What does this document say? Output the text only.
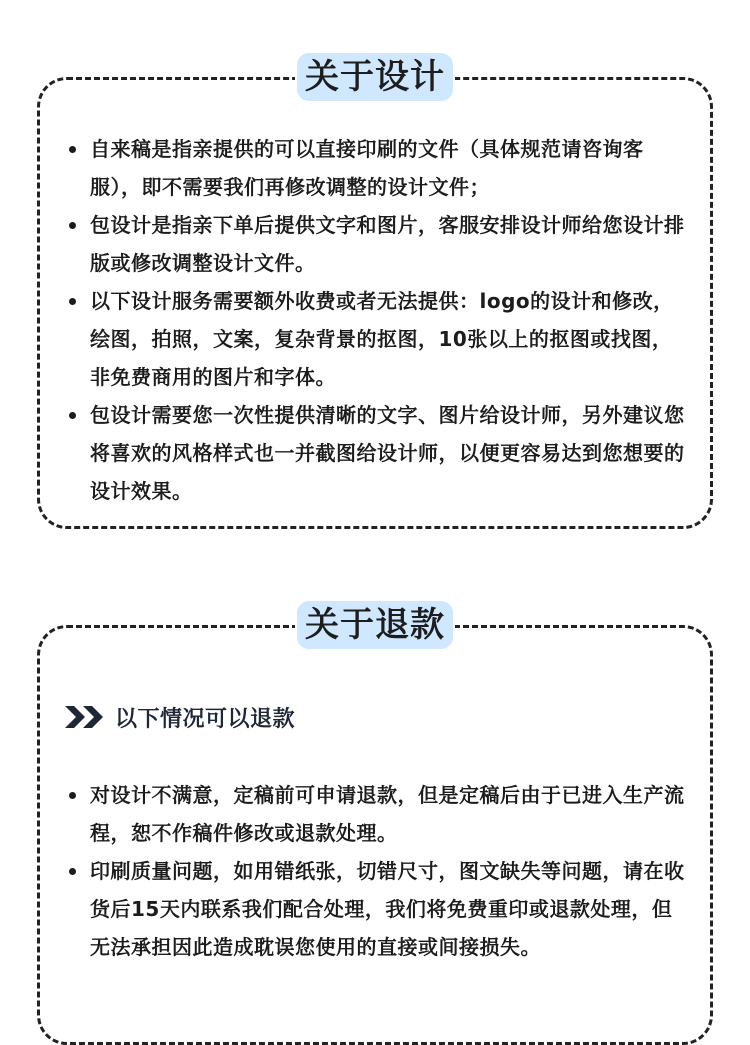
关于设计
自来稿是指亲提供的可以直接印刷的文件（具体规范请咨询客服），即不需要我们再修改调整的设计文件；
包设计是指亲下单后提供文字和图片，客服安排设计师给您设计排版或修改调整设计文件。
以下设计服务需要额外收费或者无法提供：logo的设计和修改，绘图，拍照，文案，复杂背景的抠图，10张以上的抠图或找图，非免费商用的图片和字体。
包设计需要您一次性提供清晰的文字、图片给设计师，另外建议您将喜欢的风格样式也一并截图给设计师，以便更容易达到您想要的设计效果。
关于退款
以下情况可以退款
对设计不满意，定稿前可申请退款，但是定稿后由于已进入生产流程，恕不作稿件修改或退款处理。
印刷质量问题，如用错纸张，切错尺寸，图文缺失等问题，请在收货后15天内联系我们配合处理，我们将免费重印或退款处理，但无法承担因此造成耽误您使用的直接或间接损失。
